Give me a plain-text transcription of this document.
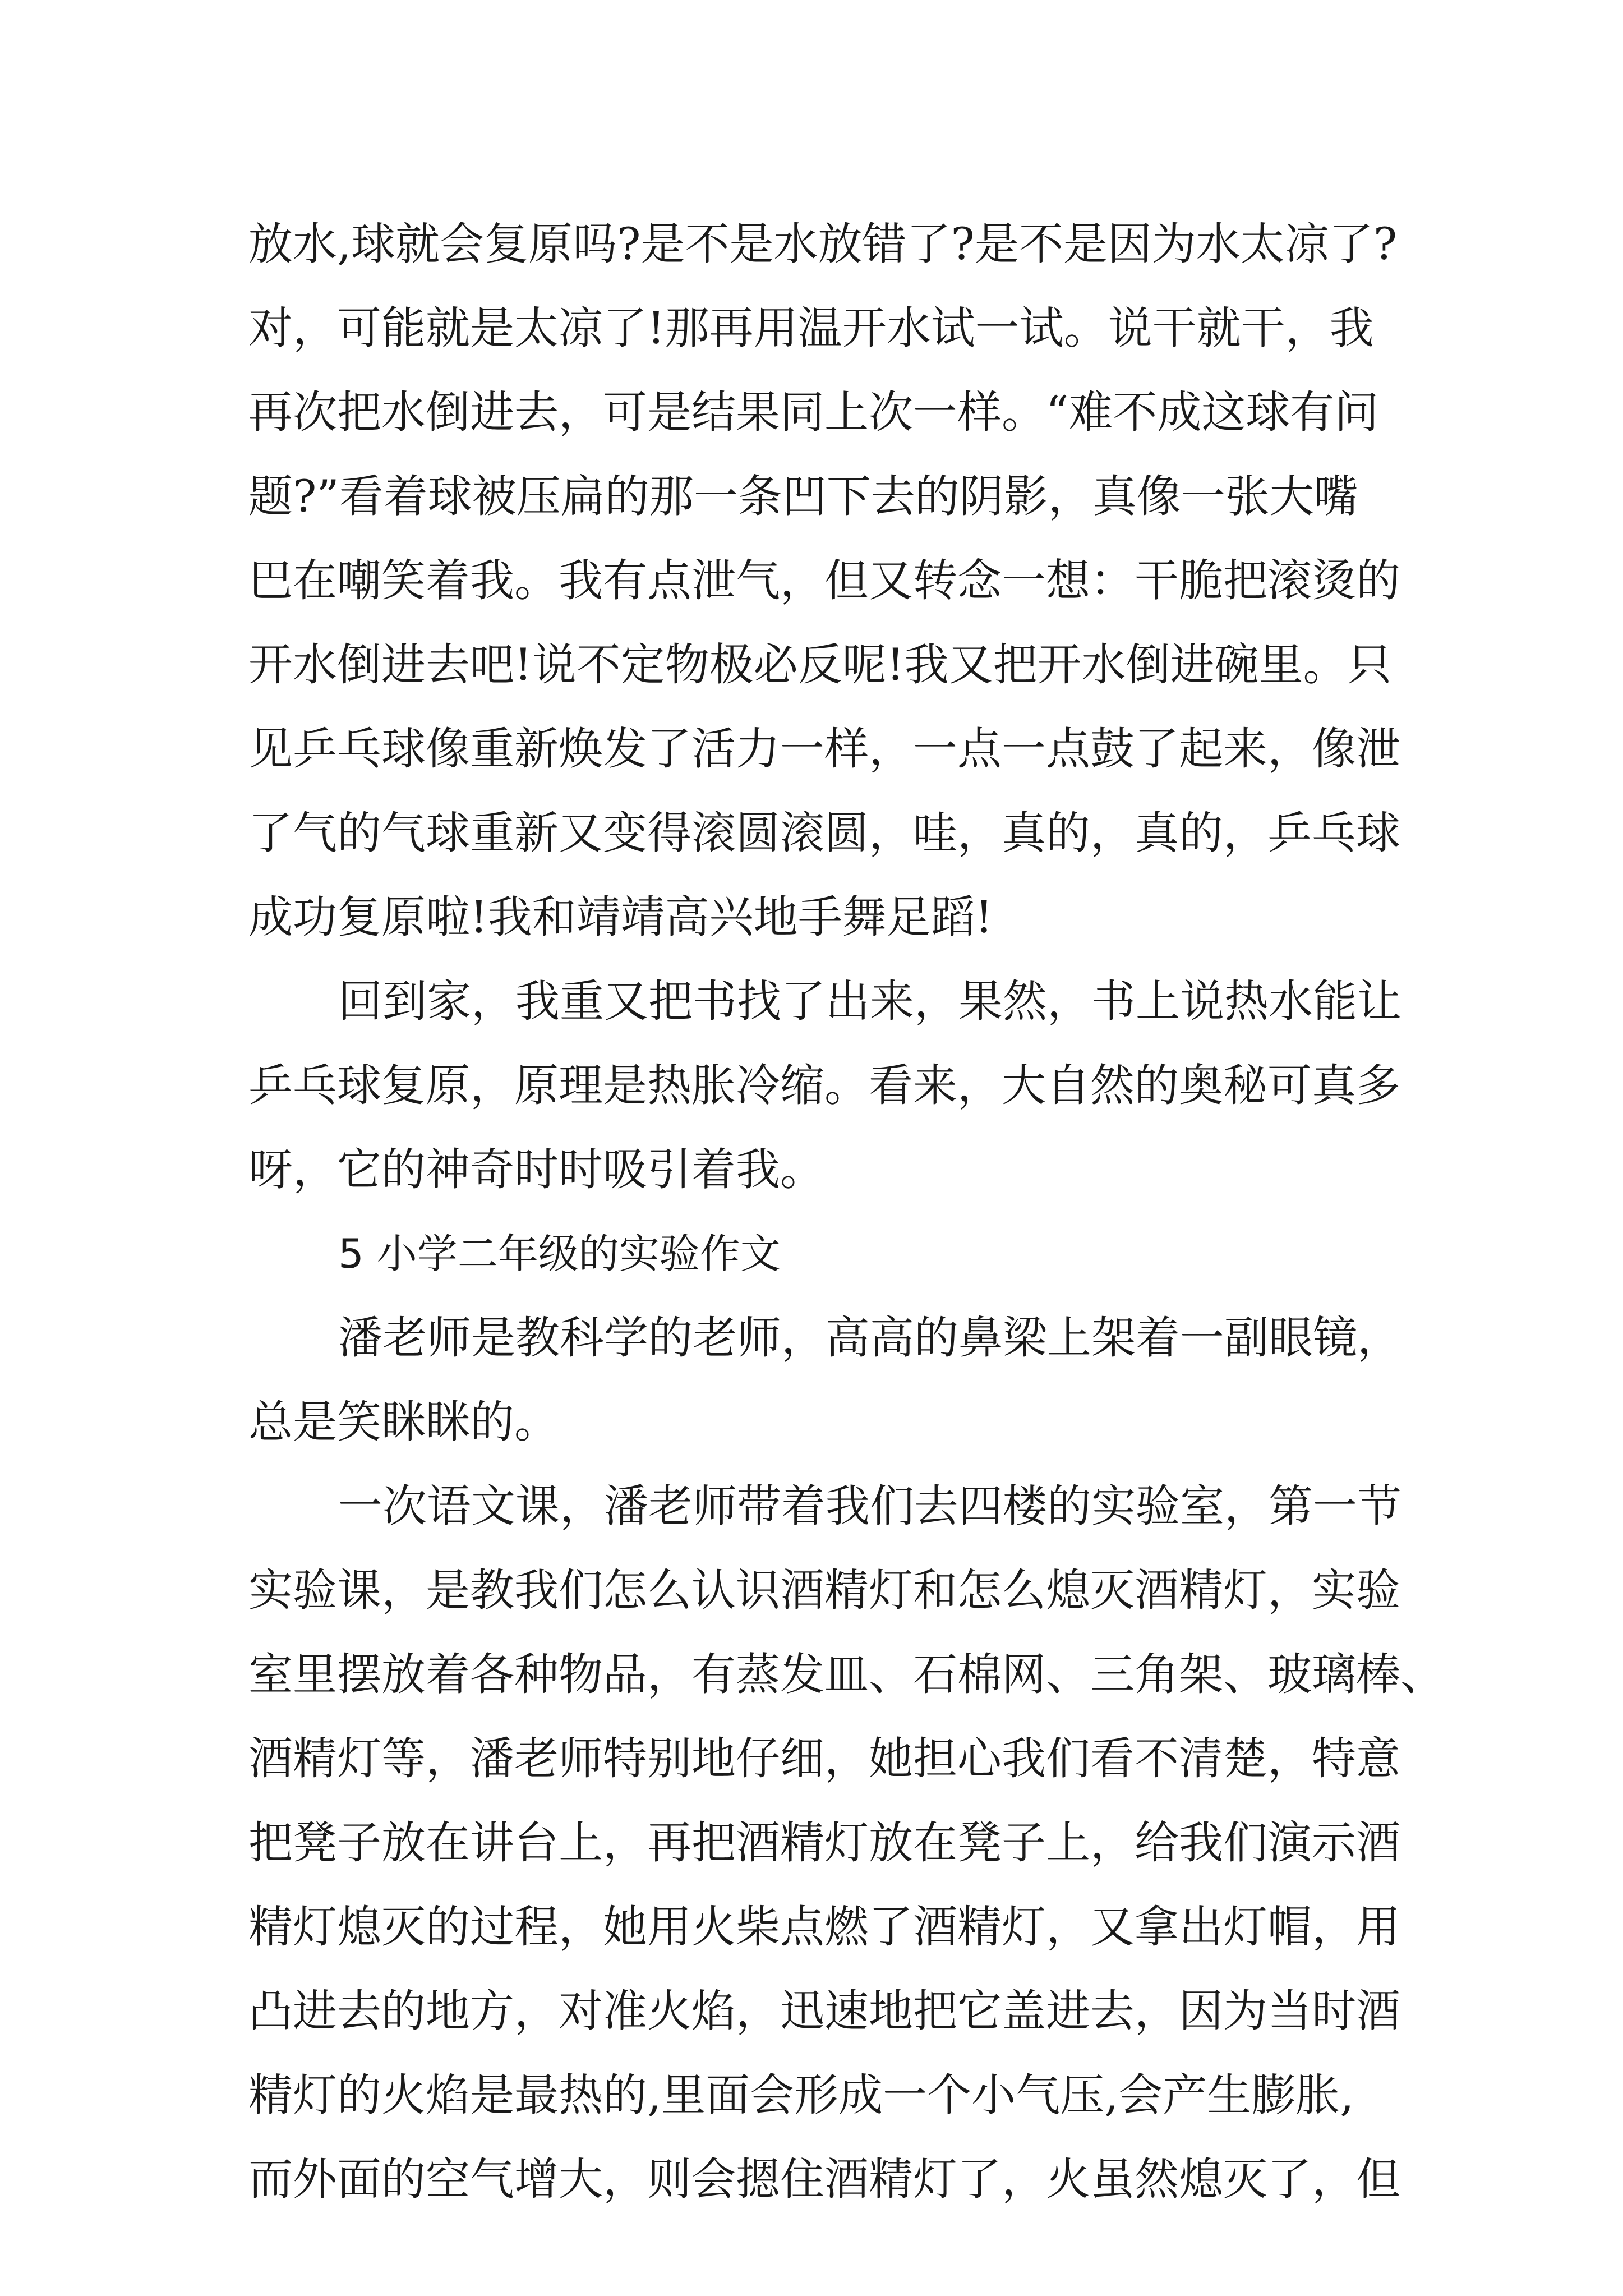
放水,球就会复原吗?是不是水放错了?是不是因为水太凉了?
对，可能就是太凉了!那再用温开水试一试。说干就干，我
再次把水倒进去，可是结果同上次一样。“难不成这球有问
题?”看着球被压扁的那一条凹下去的阴影，真像一张大嘴
巴在嘲笑着我。我有点泄气，但又转念一想：干脆把滚烫的
开水倒进去吧!说不定物极必反呢!我又把开水倒进碗里。只
见乒乓球像重新焕发了活力一样，一点一点鼓了起来，像泄
了气的气球重新又变得滚圆滚圆，哇，真的，真的，乒乓球
成功复原啦!我和靖靖高兴地手舞足蹈!

回到家，我重又把书找了出来，果然，书上说热水能让
乒乓球复原，原理是热胀冷缩。看来，大自然的奥秘可真多
呀，它的神奇时时吸引着我。

5 小学二年级的实验作文

潘老师是教科学的老师，高高的鼻梁上架着一副眼镜，
总是笑眯眯的。

一次语文课，潘老师带着我们去四楼的实验室，第一节
实验课，是教我们怎么认识酒精灯和怎么熄灭酒精灯，实验
室里摆放着各种物品，有蒸发皿、石棉网、三角架、玻璃棒、
酒精灯等，潘老师特别地仔细，她担心我们看不清楚，特意
把凳子放在讲台上，再把酒精灯放在凳子上，给我们演示酒
精灯熄灭的过程，她用火柴点燃了酒精灯，又拿出灯帽，用
凸进去的地方，对准火焰，迅速地把它盖进去，因为当时酒
精灯的火焰是最热的,里面会形成一个小气压,会产生膨胀,
而外面的空气增大，则会摁住酒精灯了，火虽然熄灭了，但
